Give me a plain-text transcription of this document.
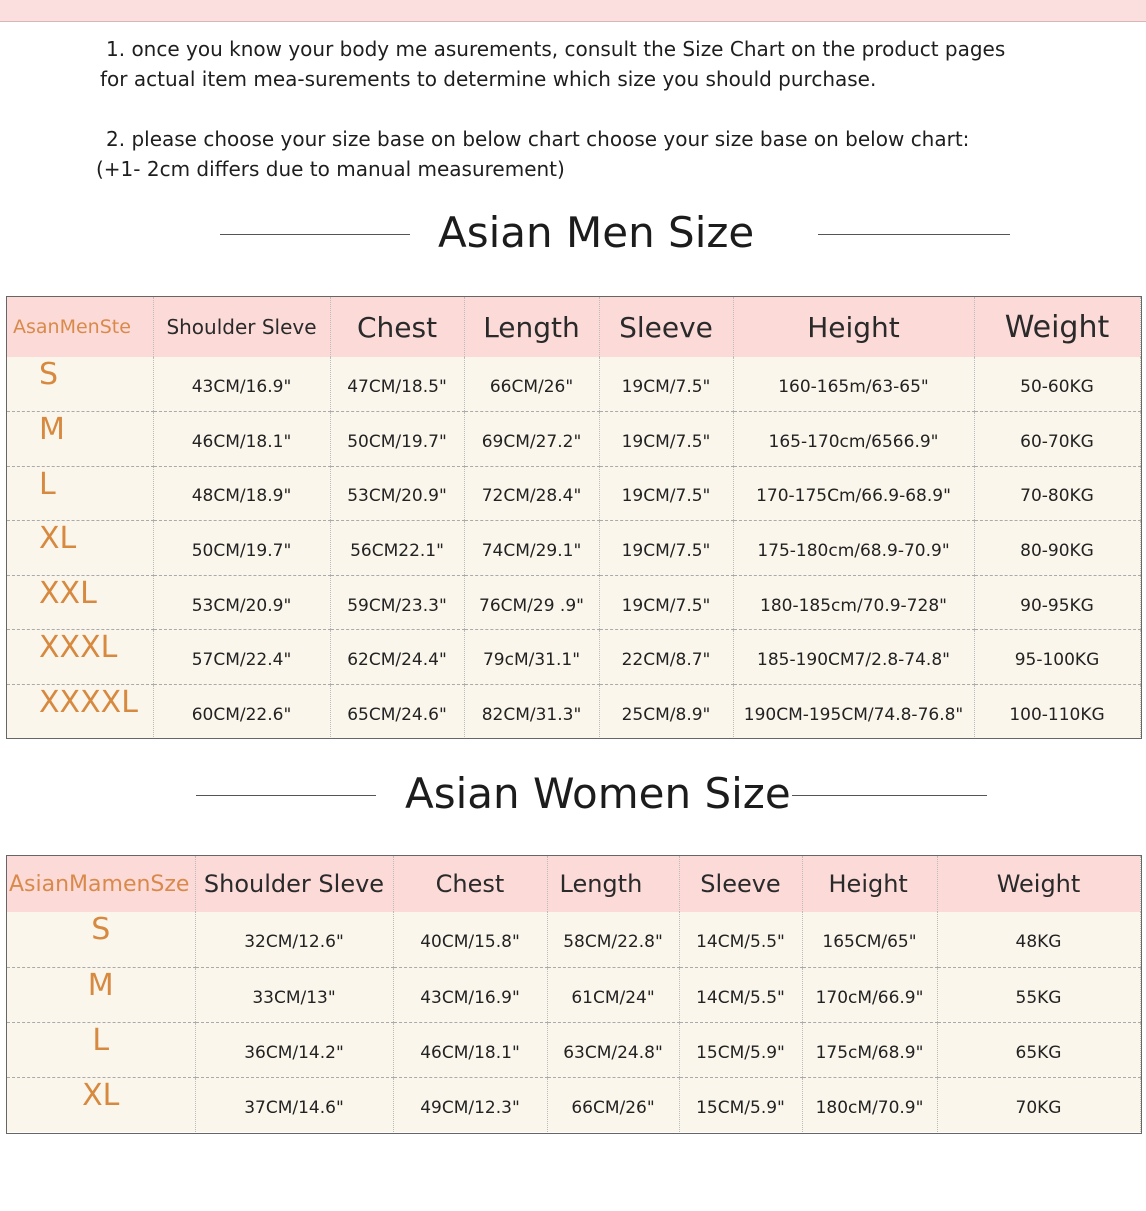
1. once you know your body me asurements, consult the Size Chart on the product pages
for actual item mea-surements to determine which size you should purchase.
2. please choose your size base on below chart choose your size base on below chart:
(+1- 2cm differs due to manual measurement)
Asian Men Size
AsanMenSte	Shoulder Sleve	Chest	Length	Sleeve	Height	Weight
S	43CM/16.9"	47CM/18.5"	66CM/26"	19CM/7.5"	160-165m/63-65"	50-60KG
M	46CM/18.1"	50CM/19.7"	69CM/27.2"	19CM/7.5"	165-170cm/6566.9"	60-70KG
L	48CM/18.9"	53CM/20.9"	72CM/28.4"	19CM/7.5"	170-175Cm/66.9-68.9"	70-80KG
XL	50CM/19.7"	56CM22.1"	74CM/29.1"	19CM/7.5"	175-180cm/68.9-70.9"	80-90KG
XXL	53CM/20.9"	59CM/23.3"	76CM/29 .9"	19CM/7.5"	180-185cm/70.9-728"	90-95KG
XXXL	57CM/22.4"	62CM/24.4"	79cM/31.1"	22CM/8.7"	185-190CM7/2.8-74.8"	95-100KG
XXXXL	60CM/22.6"	65CM/24.6"	82CM/31.3"	25CM/8.9"	190CM-195CM/74.8-76.8"	100-110KG
Asian Women Size
AsianMamenSze	Shoulder Sleve	Chest	Length	Sleeve	Height	Weight
S	32CM/12.6"	40CM/15.8"	58CM/22.8"	14CM/5.5"	165CM/65"	48KG
M	33CM/13"	43CM/16.9"	61CM/24"	14CM/5.5"	170cM/66.9"	55KG
L	36CM/14.2"	46CM/18.1"	63CM/24.8"	15CM/5.9"	175cM/68.9"	65KG
XL	37CM/14.6"	49CM/12.3"	66CM/26"	15CM/5.9"	180cM/70.9"	70KG
